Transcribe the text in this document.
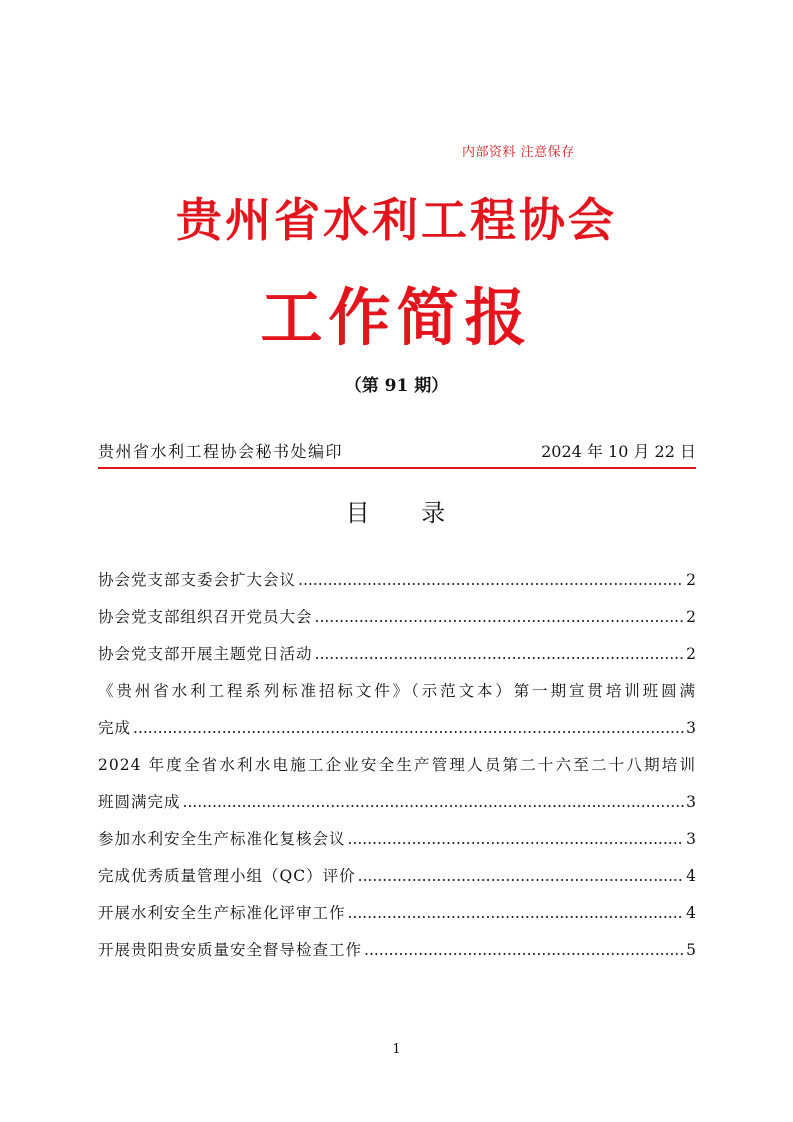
内部资料 注意保存
贵州省水利工程协会
工作简报
（第 91 期）
贵州省水利工程协会秘书处编印	2024 年 10 月 22 日
目 录
协会党支部支委会扩大会议 .....	2
协会党支部组织召开党员大会 .....	2
协会党支部开展主题党日活动 .....	2
《贵州省水利工程系列标准招标文件》（示范文本）第一期宣贯培训班圆满
完成 .....	3
2024 年度全省水利水电施工企业安全生产管理人员第二十六至二十八期培训
班圆满完成 .....	3
参加水利安全生产标准化复核会议 .....	3
完成优秀质量管理小组（QC）评价 .....	4
开展水利安全生产标准化评审工作 .....	4
开展贵阳贵安质量安全督导检查工作 .....	5
1
